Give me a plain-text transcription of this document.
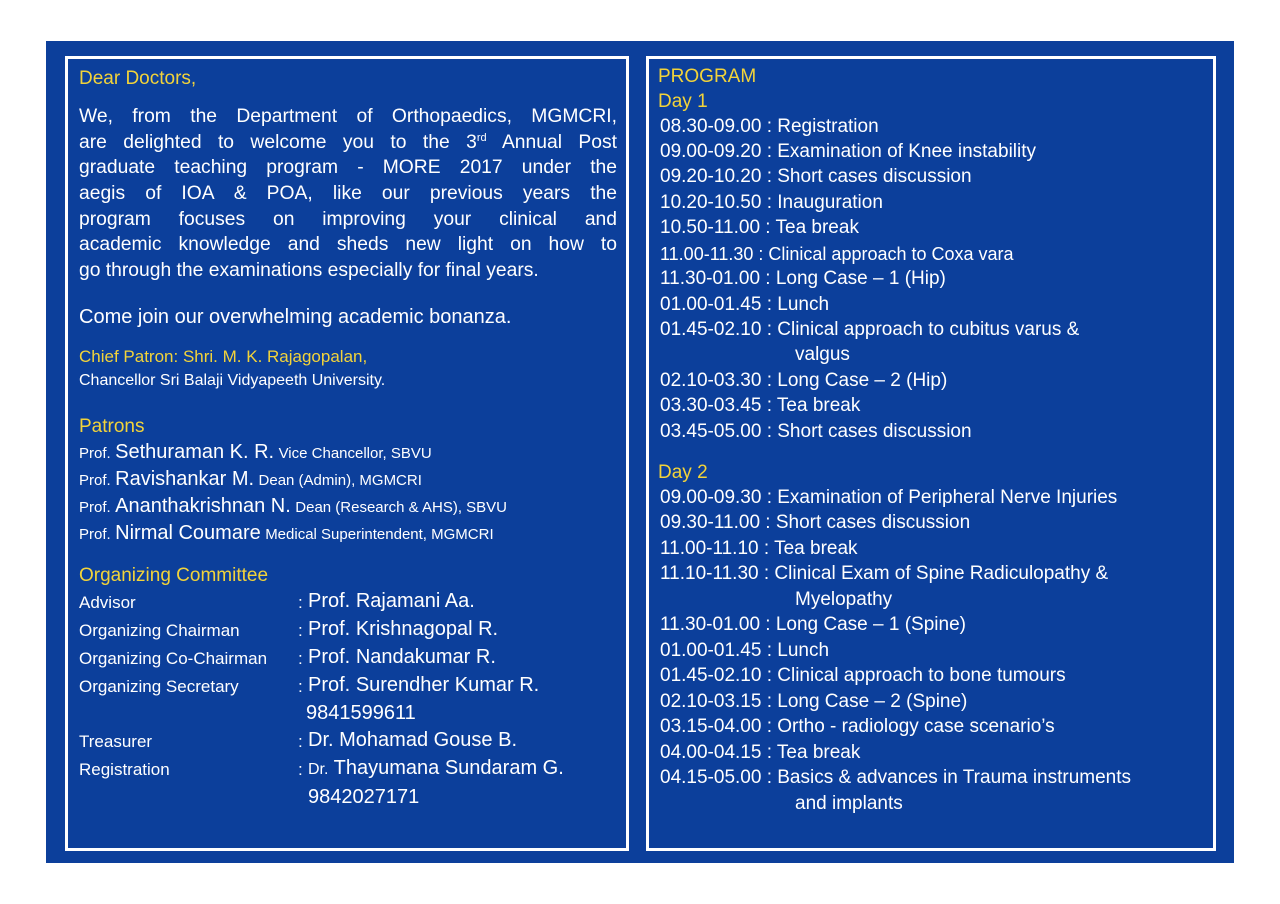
Dear Doctors,
We, from the Department of Orthopaedics, MGMCRI,
are delighted to welcome you to the 3rd Annual Post
graduate teaching program - MORE 2017 under the
aegis of IOA & POA, like our previous years the
program focuses on improving your clinical and
academic knowledge and sheds new light on how to
go through the examinations especially for final years.
Come join our overwhelming academic bonanza.
Chief Patron: Shri. M. K. Rajagopalan,
Chancellor Sri Balaji Vidyapeeth University.
Patrons
Prof. Sethuraman K. R. Vice Chancellor, SBVU
Prof. Ravishankar M. Dean (Admin), MGMCRI
Prof. Ananthakrishnan N. Dean (Research & AHS), SBVU
Prof. Nirmal Coumare Medical Superintendent, MGMCRI
Organizing Committee
Advisor	: Prof. Rajamani Aa.
Organizing Chairman	: Prof. Krishnagopal R.
Organizing Co-Chairman : Prof. Nandakumar R.
Organizing Secretary	: Prof. Surendher Kumar R.
9841599611
Treasurer	: Dr. Mohamad Gouse B.
Registration	: Dr. Thayumana Sundaram G.
9842027171
PROGRAM
Day 1
08.30-09.00 : Registration
09.00-09.20 : Examination of Knee instability
09.20-10.20 : Short cases discussion
10.20-10.50 : Inauguration
10.50-11.00 : Tea break
11.00-11.30 : Clinical approach to Coxa vara
11.30-01.00 : Long Case – 1 (Hip)
01.00-01.45 : Lunch
01.45-02.10 : Clinical approach to cubitus varus &
valgus
02.10-03.30 : Long Case – 2 (Hip)
03.30-03.45 : Tea break
03.45-05.00 : Short cases discussion
Day 2
09.00-09.30 : Examination of Peripheral Nerve Injuries
09.30-11.00 : Short cases discussion
11.00-11.10 : Tea break
11.10-11.30 : Clinical Exam of Spine Radiculopathy &
Myelopathy
11.30-01.00 : Long Case – 1 (Spine)
01.00-01.45 : Lunch
01.45-02.10 : Clinical approach to bone tumours
02.10-03.15 : Long Case – 2 (Spine)
03.15-04.00 : Ortho - radiology case scenario’s
04.00-04.15 : Tea break
04.15-05.00 : Basics & advances in Trauma instruments
and implants
